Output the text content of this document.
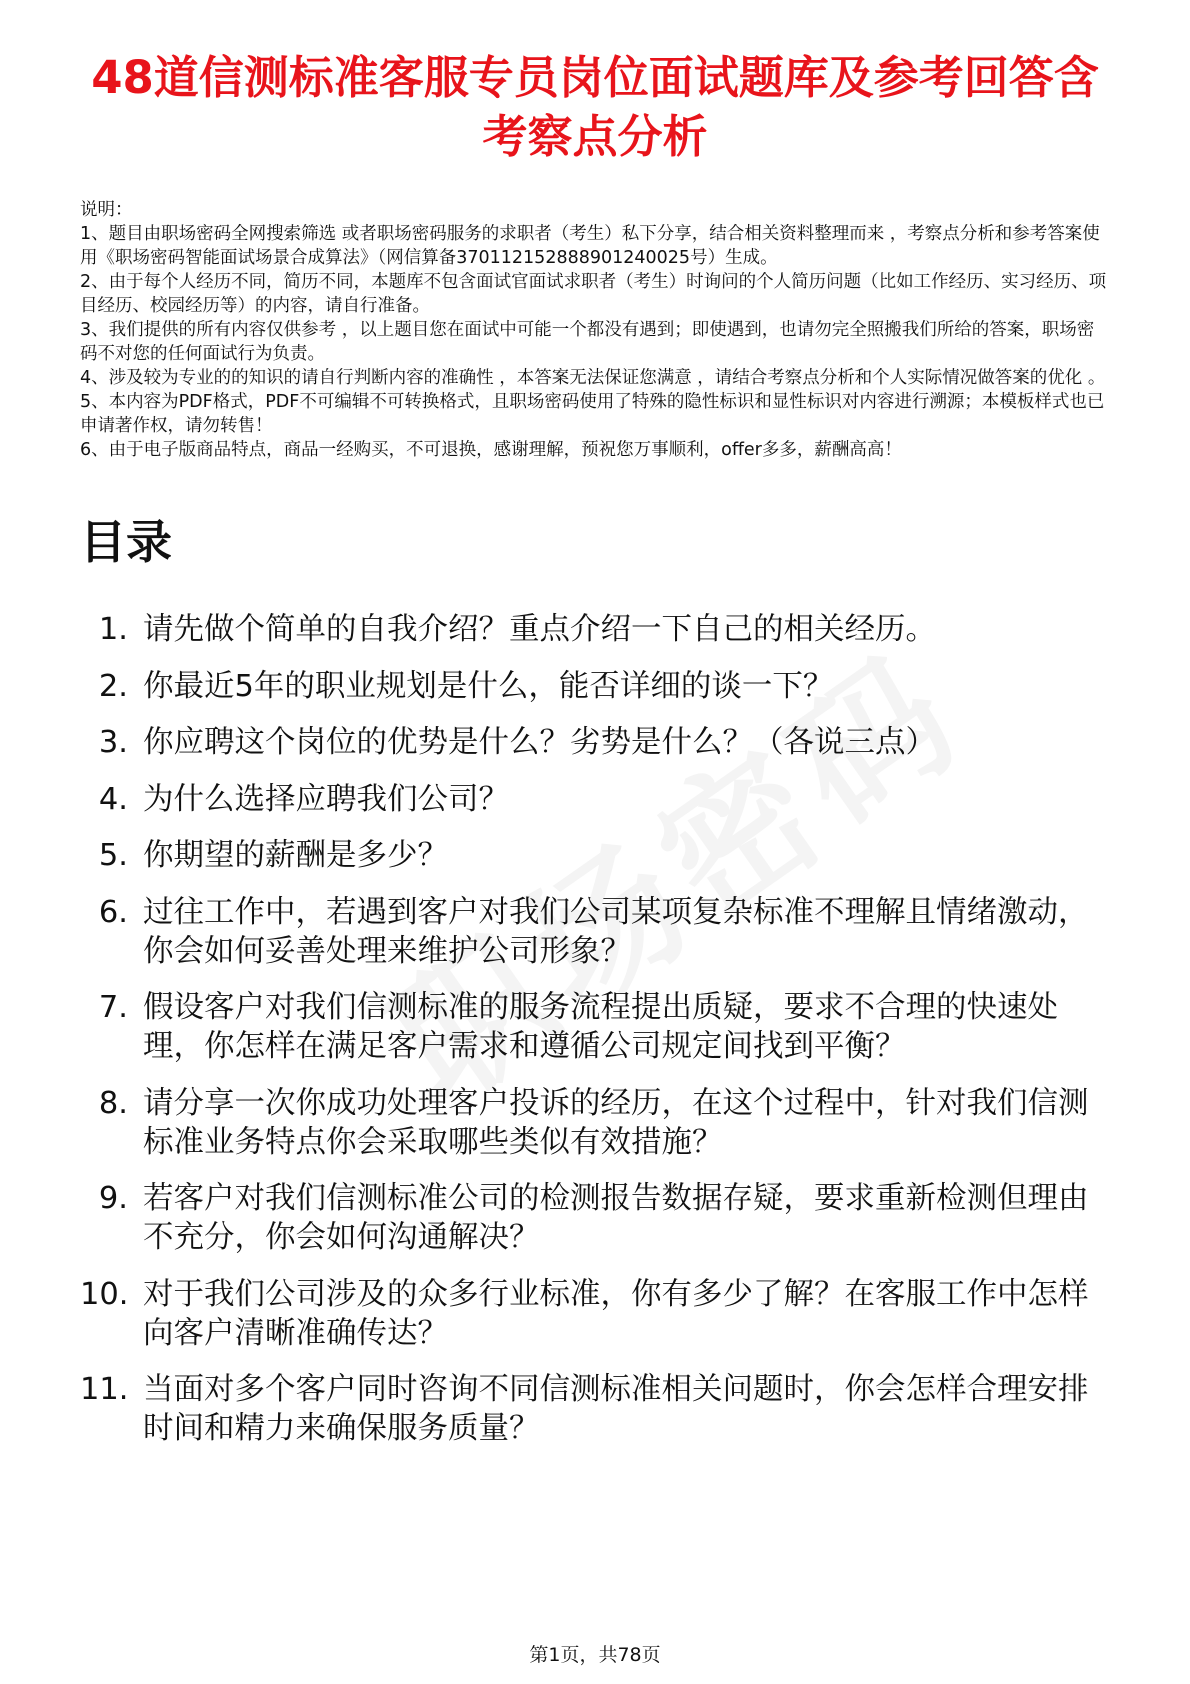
48道信测标准客服专员岗位面试题库及参考回答含考察点分析
说明：
1、题目由职场密码全网搜索筛选 或者职场密码服务的求职者（考生）私下分享，结合相关资料整理而来 ，考察点分析和参考答案使用《职场密码智能面试场景合成算法》（网信算备370112152888901240025号）生成。
2、由于每个人经历不同，简历不同，本题库不包含面试官面试求职者（考生）时询问的个人简历问题（比如工作经历、实习经历、项目经历、校园经历等）的内容，请自行准备。
3、我们提供的所有内容仅供参考 ，以上题目您在面试中可能一个都没有遇到；即使遇到，也请勿完全照搬我们所给的答案，职场密码不对您的任何面试行为负责。
4、涉及较为专业的的知识的请自行判断内容的准确性 ，本答案无法保证您满意 ，请结合考察点分析和个人实际情况做答案的优化 。
5、本内容为PDF格式，PDF不可编辑不可转换格式，且职场密码使用了特殊的隐性标识和显性标识对内容进行溯源；本模板样式也已申请著作权，请勿转售！
6、由于电子版商品特点，商品一经购买，不可退换，感谢理解，预祝您万事顺利，offer多多，薪酬高高！
目录
1. 请先做个简单的自我介绍？重点介绍一下自己的相关经历。
2. 你最近5年的职业规划是什么，能否详细的谈一下？
3. 你应聘这个岗位的优势是什么？劣势是什么？（各说三点）
4. 为什么选择应聘我们公司？
5. 你期望的薪酬是多少？
6. 过往工作中，若遇到客户对我们公司某项复杂标准不理解且情绪激动，你会如何妥善处理来维护公司形象？
7. 假设客户对我们信测标准的服务流程提出质疑，要求不合理的快速处理，你怎样在满足客户需求和遵循公司规定间找到平衡？
8. 请分享一次你成功处理客户投诉的经历，在这个过程中，针对我们信测标准业务特点你会采取哪些类似有效措施？
9. 若客户对我们信测标准公司的检测报告数据存疑，要求重新检测但理由不充分，你会如何沟通解决？
10. 对于我们公司涉及的众多行业标准，你有多少了解？在客服工作中怎样向客户清晰准确传达？
11. 当面对多个客户同时咨询不同信测标准相关问题时，你会怎样合理安排时间和精力来确保服务质量？
第1页，共78页
